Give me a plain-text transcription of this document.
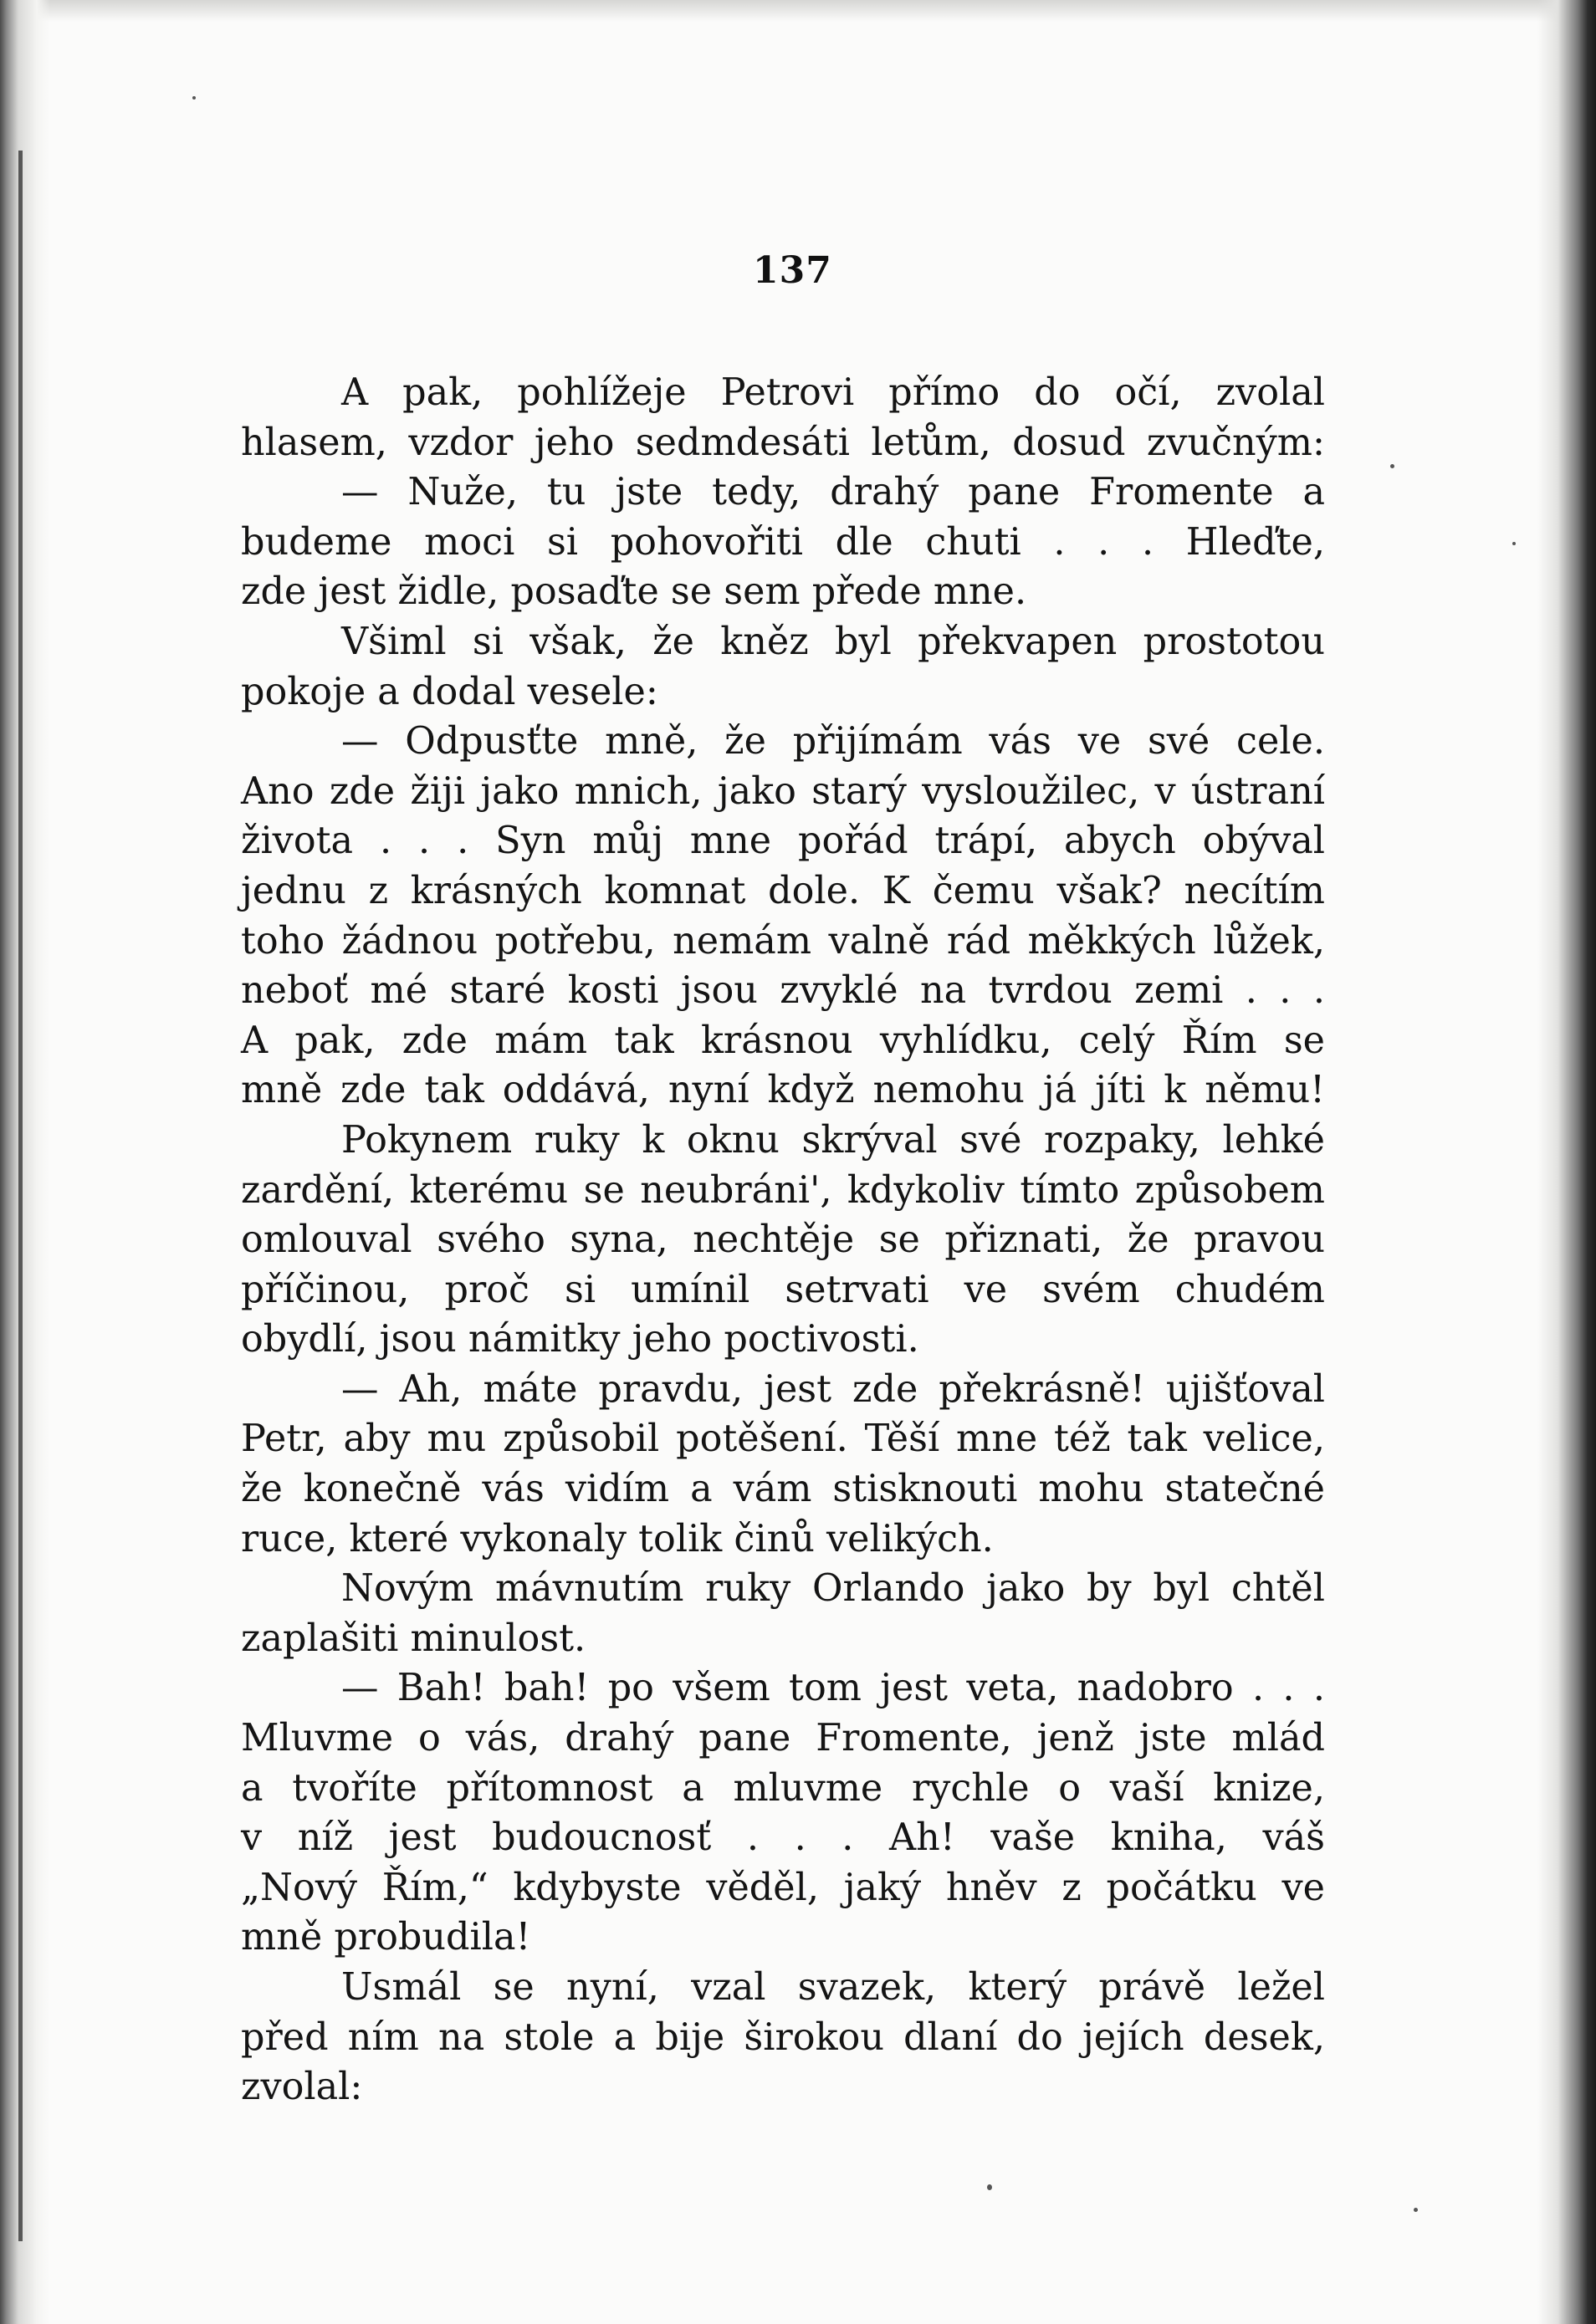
137
A pak, pohlížeje Petrovi přímo do očí, zvolal
hlasem, vzdor jeho sedmdesáti letům, dosud zvučným:
— Nuže, tu jste tedy, drahý pane Fromente a
budeme moci si pohovořiti dle chuti . . . Hleďte,
zde jest židle, posaďte se sem přede mne.
Všiml si však, že kněz byl překvapen prostotou
pokoje a dodal vesele:
— Odpusťte mně, že přijímám vás ve své cele.
Ano zde žiji jako mnich, jako starý vysloužilec, v ústraní
života . . . Syn můj mne pořád trápí, abych obýval
jednu z krásných komnat dole. K čemu však? necítím
toho žádnou potřebu, nemám valně rád měkkých lůžek,
neboť mé staré kosti jsou zvyklé na tvrdou zemi . . .
A pak, zde mám tak krásnou vyhlídku, celý Řím se
mně zde tak oddává, nyní když nemohu já jíti k němu!
Pokynem ruky k oknu skrýval své rozpaky, lehké
zardění, kterému se neubráni', kdykoliv tímto způsobem
omlouval svého syna, nechtěje se přiznati, že pravou
příčinou, proč si umínil setrvati ve svém chudém
obydlí, jsou námitky jeho poctivosti.
— Ah, máte pravdu, jest zde překrásně! ujišťoval
Petr, aby mu způsobil potěšení. Těší mne též tak velice,
že konečně vás vidím a vám stisknouti mohu statečné
ruce, které vykonaly tolik činů velikých.
Novým mávnutím ruky Orlando jako by byl chtěl
zaplašiti minulost.
— Bah! bah! po všem tom jest veta, nadobro . . .
Mluvme o vás, drahý pane Fromente, jenž jste mlád
a tvoříte přítomnost a mluvme rychle o vaší knize,
v níž jest budoucnosť . . . Ah! vaše kniha, váš
„Nový Řím,“ kdybyste věděl, jaký hněv z počátku ve
mně probudila!
Usmál se nyní, vzal svazek, který právě ležel
před ním na stole a bije širokou dlaní do jejích desek,
zvolal:
